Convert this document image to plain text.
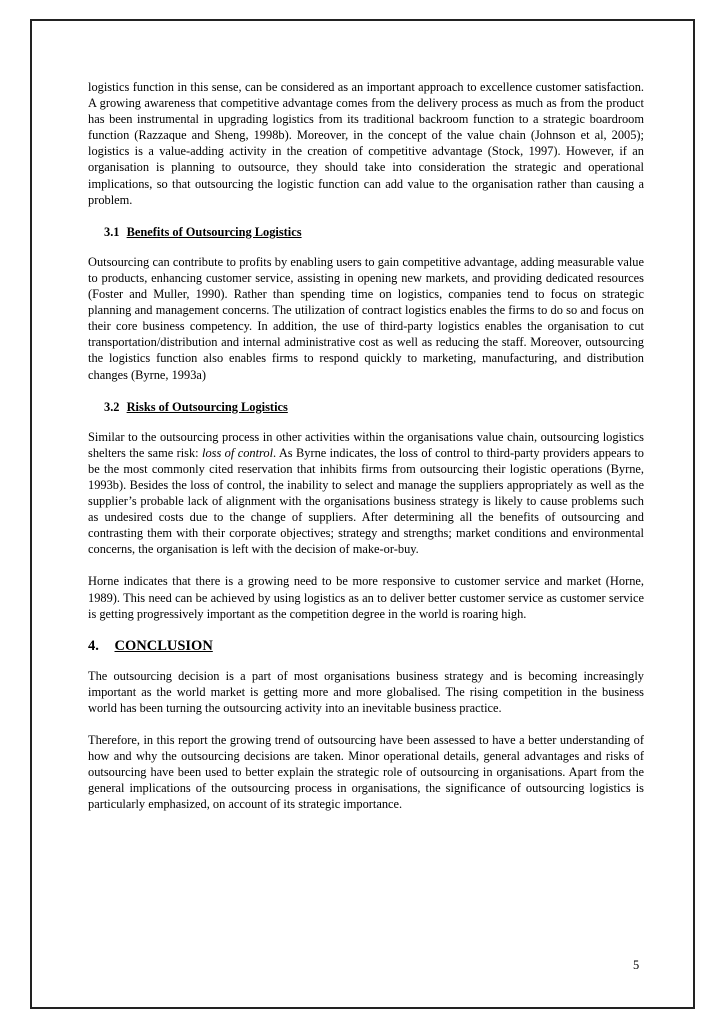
logistics function in this sense, can be considered as an important approach to excellence customer satisfaction. A growing awareness that competitive advantage comes from the delivery process as much as from the product has been instrumental in upgrading logistics from its traditional backroom function to a strategic boardroom function (Razzaque and Sheng, 1998b). Moreover, in the concept of the value chain (Johnson et al, 2005); logistics is a value-adding activity in the creation of competitive advantage (Stock, 1997). However, if an organisation is planning to outsource, they should take into consideration the strategic and operational implications, so that outsourcing the logistic function can add value to the organisation rather than causing a problem.

3.1 Benefits of Outsourcing Logistics

Outsourcing can contribute to profits by enabling users to gain competitive advantage, adding measurable value to products, enhancing customer service, assisting in opening new markets, and providing dedicated resources (Foster and Muller, 1990). Rather than spending time on logistics, companies tend to focus on strategic planning and management concerns. The utilization of contract logistics enables the firms to do so and focus on their core business competency. In addition, the use of third-party logistics enables the organisation to cut transportation/distribution and internal administrative cost as well as reducing the staff. Moreover, outsourcing the logistics function also enables firms to respond quickly to marketing, manufacturing, and distribution changes (Byrne, 1993a)

3.2 Risks of Outsourcing Logistics

Similar to the outsourcing process in other activities within the organisations value chain, outsourcing logistics shelters the same risk: loss of control. As Byrne indicates, the loss of control to third-party providers appears to be the most commonly cited reservation that inhibits firms from outsourcing their logistic operations (Byrne, 1993b). Besides the loss of control, the inability to select and manage the suppliers appropriately as well as the supplier’s probable lack of alignment with the organisations business strategy is likely to cause problems such as undesired costs due to the change of suppliers. After determining all the benefits of outsourcing and contrasting them with their corporate objectives; strategy and strengths; market conditions and environmental concerns, the organisation is left with the decision of make-or-buy.

Horne indicates that there is a growing need to be more responsive to customer service and market (Horne, 1989). This need can be achieved by using logistics as an to deliver better customer service as customer service is getting progressively important as the competition degree in the world is roaring high.

4. CONCLUSION

The outsourcing decision is a part of most organisations business strategy and is becoming increasingly important as the world market is getting more and more globalised. The rising competition in the business world has been turning the outsourcing activity into an inevitable business practice.

Therefore, in this report the growing trend of outsourcing have been assessed to have a better understanding of how and why the outsourcing decisions are taken. Minor operational details, general advantages and risks of outsourcing have been used to better explain the strategic role of outsourcing in organisations. Apart from the general implications of the outsourcing process in organisations, the significance of outsourcing logistics is particularly emphasized, on account of its strategic importance.

5
